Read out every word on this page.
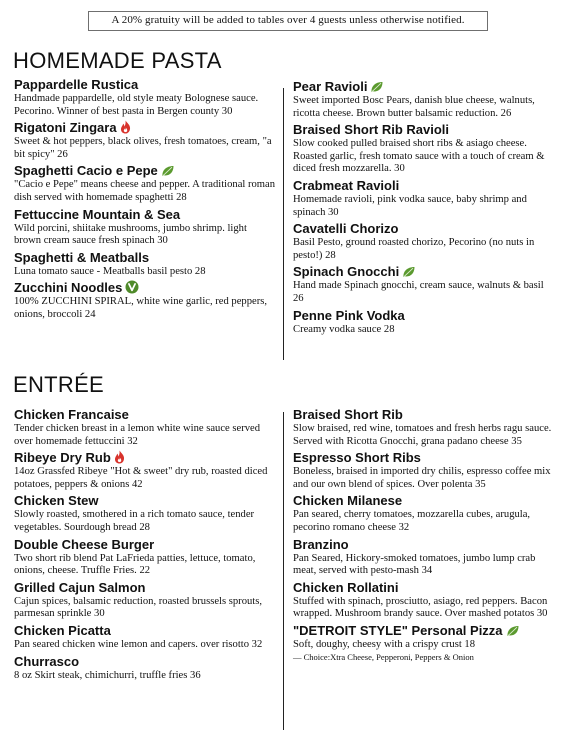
A 20% gratuity will be added to tables over 4 guests unless otherwise notified.
HOMEMADE PASTA
Pappardelle Rustica
Handmade pappardelle, old style meaty Bolognese sauce. Pecorino. Winner of best pasta in Bergen county 30
Rigatoni Zingara
Sweet & hot peppers, black olives, fresh tomatoes, cream, "a bit spicy" 26
Spaghetti Cacio e Pepe
"Cacio e Pepe" means cheese and pepper. A traditional roman dish served with homemade spaghetti 28
Fettuccine Mountain & Sea
Wild porcini, shiitake mushrooms, jumbo shrimp. light brown cream sauce fresh spinach 30
Spaghetti & Meatballs
Luna tomato sauce - Meatballs basil pesto 28
Zucchini Noodles
100% ZUCCHINI SPIRAL, white wine garlic, red peppers, onions, broccoli 24
Pear Ravioli
Sweet imported Bosc Pears, danish blue cheese, walnuts, ricotta cheese. Brown butter balsamic reduction. 26
Braised Short Rib Ravioli
Slow cooked pulled braised short ribs & asiago cheese. Roasted garlic, fresh tomato sauce with a touch of cream & diced fresh mozzarella. 30
Crabmeat Ravioli
Homemade ravioli, pink vodka sauce, baby shrimp and spinach 30
Cavatelli Chorizo
Basil Pesto, ground roasted chorizo, Pecorino (no nuts in pesto!) 28
Spinach Gnocchi
Hand made Spinach gnocchi, cream sauce, walnuts & basil 26
Penne Pink Vodka
Creamy vodka sauce 28
ENTRÉE
Chicken Francaise
Tender chicken breast in a lemon white wine sauce served over homemade fettuccini 32
Ribeye Dry Rub
14oz Grassfed Ribeye "Hot & sweet" dry rub, roasted diced potatoes, peppers & onions 42
Chicken Stew
Slowly roasted, smothered in a rich tomato sauce, tender vegetables. Sourdough bread 28
Double Cheese Burger
Two short rib blend Pat LaFrieda patties, lettuce, tomato, onions, cheese. Truffle Fries. 22
Grilled Cajun Salmon
Cajun spices, balsamic reduction, roasted brussels sprouts, parmesan sprinkle 30
Chicken Picatta
Pan seared chicken wine lemon and capers. over risotto 32
Churrasco
8 oz Skirt steak, chimichurri, truffle fries 36
Braised Short Rib
Slow braised, red wine, tomatoes and fresh herbs ragu sauce. Served with Ricotta Gnocchi, grana padano cheese 35
Espresso Short Ribs
Boneless, braised in imported dry chilis, espresso coffee mix and our own blend of spices. Over polenta 35
Chicken Milanese
Pan seared, cherry tomatoes, mozzarella cubes, arugula, pecorino romano cheese 32
Branzino
Pan Seared, Hickory-smoked tomatoes, jumbo lump crab meat, served with pesto-mash 34
Chicken Rollatini
Stuffed with spinach, prosciutto, asiago, red peppers. Bacon wrapped. Mushroom brandy sauce. Over mashed potatos 30
"DETROIT STYLE" Personal Pizza
Soft, doughy, cheesy with a crispy crust 18
— Choice:Xtra Cheese, Pepperoni, Peppers & Onion
